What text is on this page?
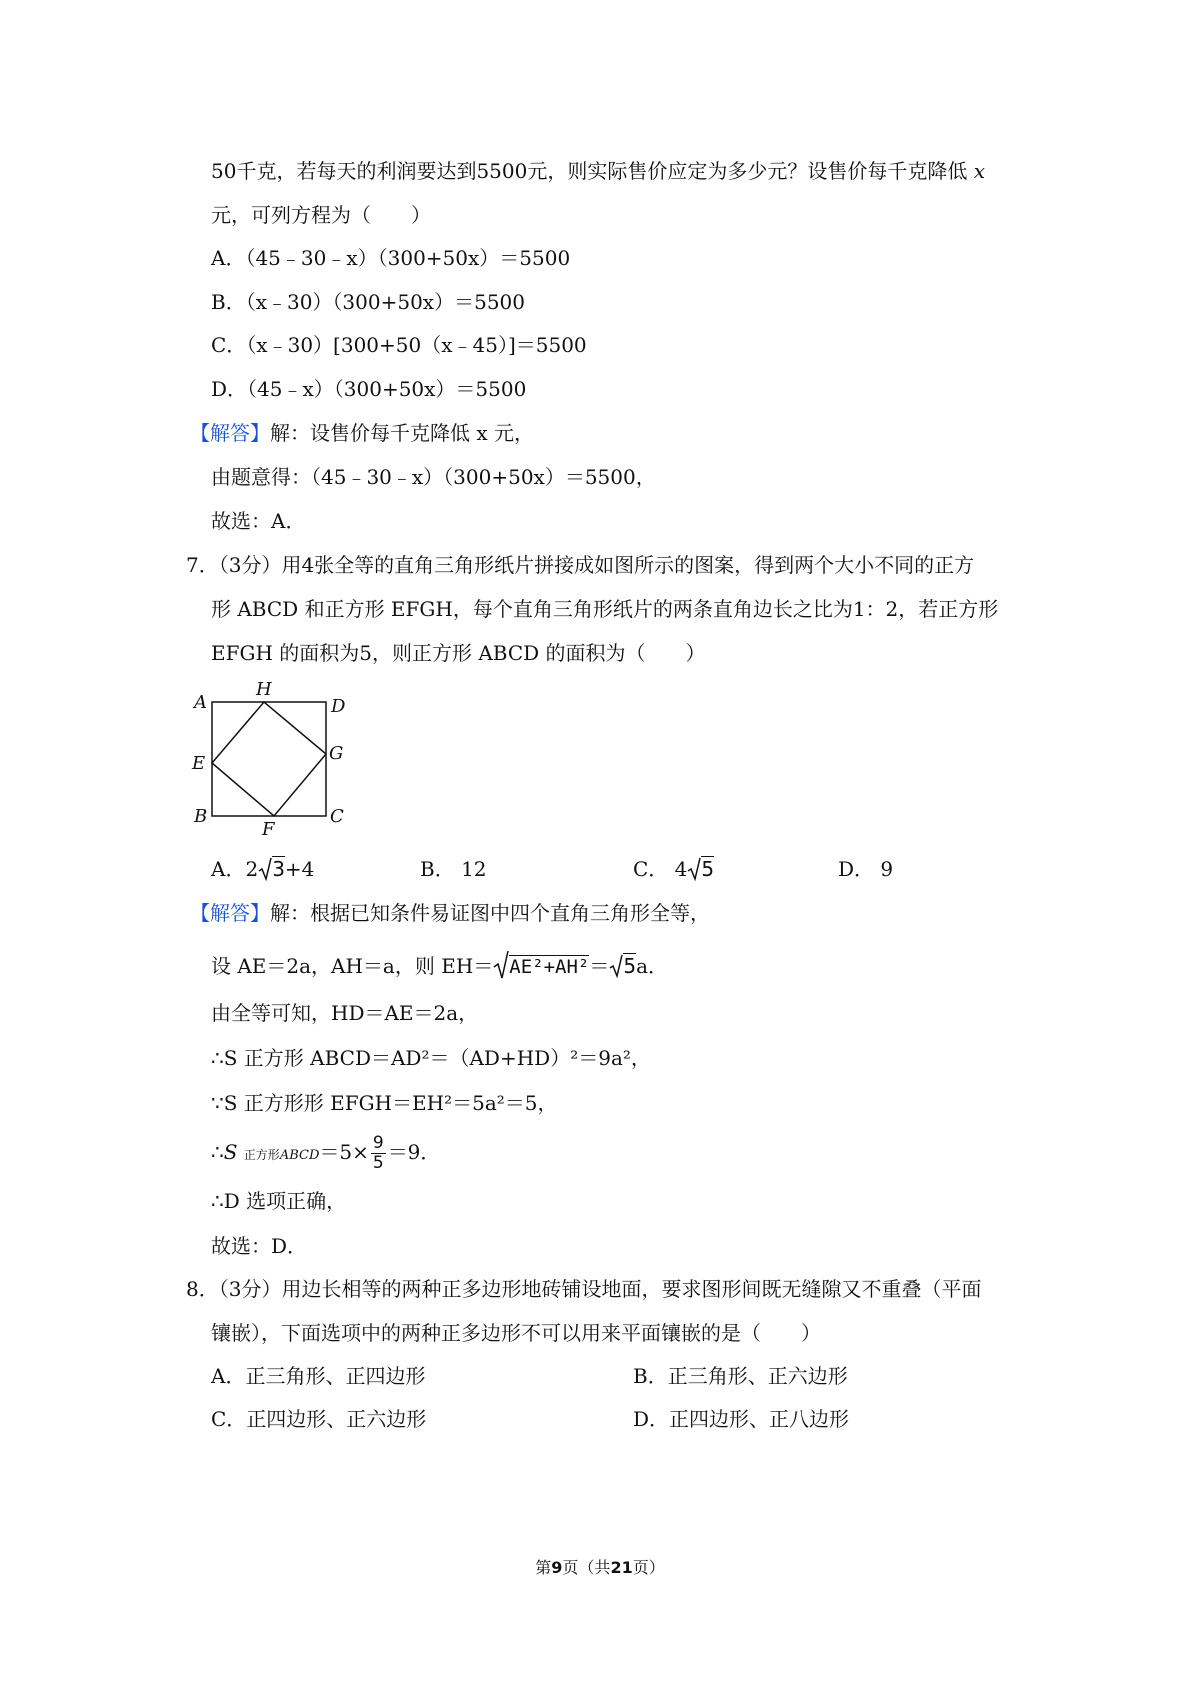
50千克，若每天的利润要达到5500元，则实际售价应定为多少元？设售价每千克降低 x
元，可列方程为（　　）
A．（45﹣30﹣x）（300+50x）＝5500
B．（x﹣30）（300+50x）＝5500
C．（x﹣30）[300+50（x﹣45）]＝5500
D．（45﹣x）（300+50x）＝5500
【解答】解：设售价每千克降低 x 元，
由题意得：（45﹣30﹣x）（300+50x）＝5500，
故选：A．
7．（3分）用4张全等的直角三角形纸片拼接成如图所示的图案，得到两个大小不同的正方
形 ABCD 和正方形 EFGH，每个直角三角形纸片的两条直角边长之比为1：2，若正方形
EFGH 的面积为5，则正方形 ABCD 的面积为（　　）
A
H
D
E	G
B
F
C
A．2 3+4	B． 12	C． 4 5	D． 9
【解答】解：根据已知条件易证图中四个直角三角形全等，
设 AE＝2a，AH＝a，则 EH＝ AE²+AH²＝ 5a．
由全等可知，HD＝AE＝2a，
∴S 正方形 ABCD＝AD²＝（AD+HD）²＝9a²，
∵S 正方形形 EFGH＝EH²＝5a²＝5，
∴S 正方形ABCD＝5× $\frac{9}{5} =9$．
∴D 选项正确，
故选：D．
8．（3分）用边长相等的两种正多边形地砖铺设地面，要求图形间既无缝隙又不重叠（平面
镶嵌），下面选项中的两种正多边形不可以用来平面镶嵌的是（　　）
A．正三角形、正四边形	B．正三角形、正六边形
C．正四边形、正六边形	D．正四边形、正八边形
第9页（共21页）
